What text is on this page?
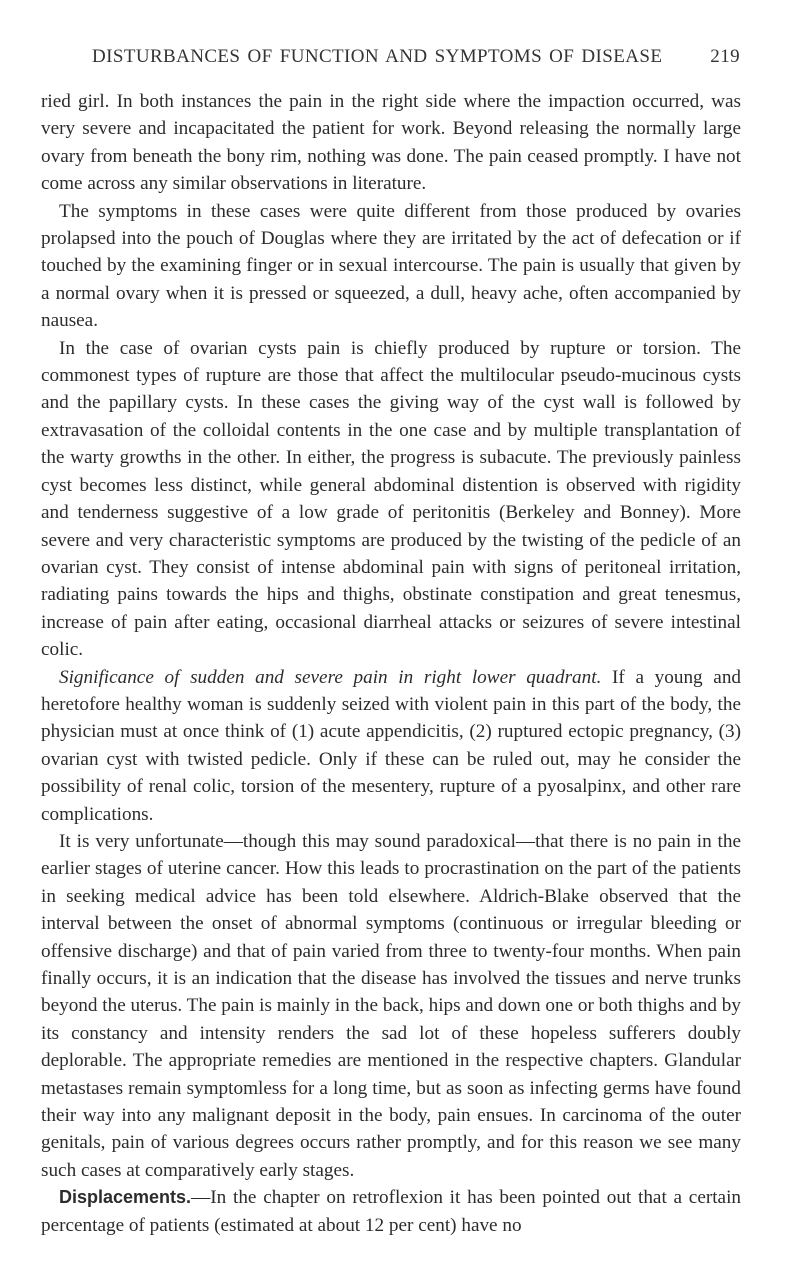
DISTURBANCES OF FUNCTION AND SYMPTOMS OF DISEASE	219

ried girl. In both instances the pain in the right side where the impaction occurred, was very severe and incapacitated the patient for work. Beyond releasing the normally large ovary from beneath the bony rim, nothing was done. The pain ceased promptly. I have not come across any similar observations in literature.

The symptoms in these cases were quite different from those produced by ovaries prolapsed into the pouch of Douglas where they are irritated by the act of defecation or if touched by the examining finger or in sexual intercourse. The pain is usually that given by a normal ovary when it is pressed or squeezed, a dull, heavy ache, often accompanied by nausea.

In the case of ovarian cysts pain is chiefly produced by rupture or torsion. The commonest types of rupture are those that affect the multilocular pseudo-mucinous cysts and the papillary cysts. In these cases the giving way of the cyst wall is followed by extravasation of the colloidal contents in the one case and by multiple transplantation of the warty growths in the other. In either, the progress is subacute. The previously painless cyst becomes less distinct, while general abdominal distention is observed with rigidity and tenderness suggestive of a low grade of peritonitis (Berkeley and Bonney). More severe and very characteristic symptoms are produced by the twisting of the pedicle of an ovarian cyst. They consist of intense abdominal pain with signs of peritoneal irritation, radiating pains towards the hips and thighs, obstinate constipation and great tenesmus, increase of pain after eating, occasional diarrheal attacks or seizures of severe intestinal colic.

Significance of sudden and severe pain in right lower quadrant. If a young and heretofore healthy woman is suddenly seized with violent pain in this part of the body, the physician must at once think of (1) acute appendicitis, (2) ruptured ectopic pregnancy, (3) ovarian cyst with twisted pedicle. Only if these can be ruled out, may he consider the possibility of renal colic, torsion of the mesentery, rupture of a pyosalpinx, and other rare complications.

It is very unfortunate—though this may sound paradoxical—that there is no pain in the earlier stages of uterine cancer. How this leads to procrastination on the part of the patients in seeking medical advice has been told elsewhere. Aldrich-Blake observed that the interval between the onset of abnormal symptoms (continuous or irregular bleeding or offensive discharge) and that of pain varied from three to twenty-four months. When pain finally occurs, it is an indication that the disease has involved the tissues and nerve trunks beyond the uterus. The pain is mainly in the back, hips and down one or both thighs and by its constancy and intensity renders the sad lot of these hopeless sufferers doubly deplorable. The appropriate remedies are mentioned in the respective chapters. Glandular metastases remain symptomless for a long time, but as soon as infecting germs have found their way into any malignant deposit in the body, pain ensues. In carcinoma of the outer genitals, pain of various degrees occurs rather promptly, and for this reason we see many such cases at comparatively early stages.

Displacements.—In the chapter on retroflexion it has been pointed out that a certain percentage of patients (estimated at about 12 per cent) have no
